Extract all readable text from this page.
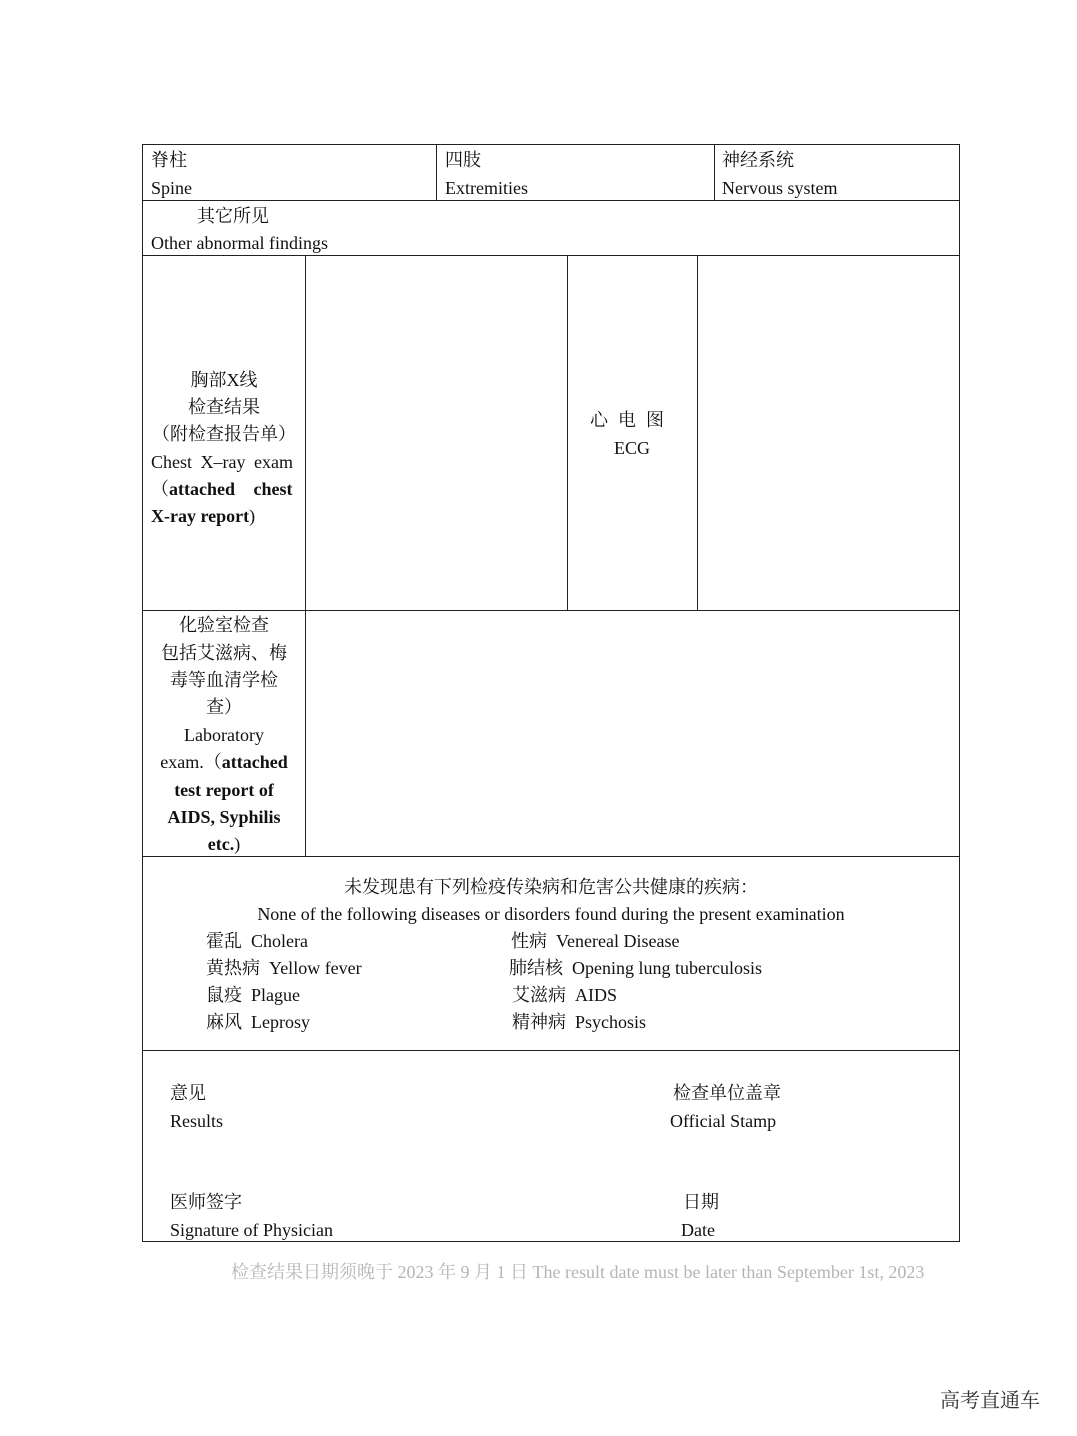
脊柱
Spine
四肢
Extremities
神经系统
Nervous system
其它所见
Other abnormal findings
胸部X线
检查结果
（附检查报告单）
Chest X–ray exam
（attached chest
X-ray report)
心电图
ECG
化验室检查
包括艾滋病、梅
毒等血清学检
查）
Laboratory
exam.（attached
test report of
AIDS, Syphilis
etc.)
未发现患有下列检疫传染病和危害公共健康的疾病：
None of the following diseases or disorders found during the present examination
霍乱 Cholera
黄热病 Yellow fever
鼠疫 Plague
麻风 Leprosy
性病 Venereal Disease
肺结核 Opening lung tuberculosis
艾滋病 AIDS
精神病 Psychosis
意见
Results
检查单位盖章
Official Stamp
医师签字
Signature of Physician
日期
Date
检查结果日期须晚于 2023 年 9 月 1 日 The result date must be later than September 1st, 2023
高考直通车
